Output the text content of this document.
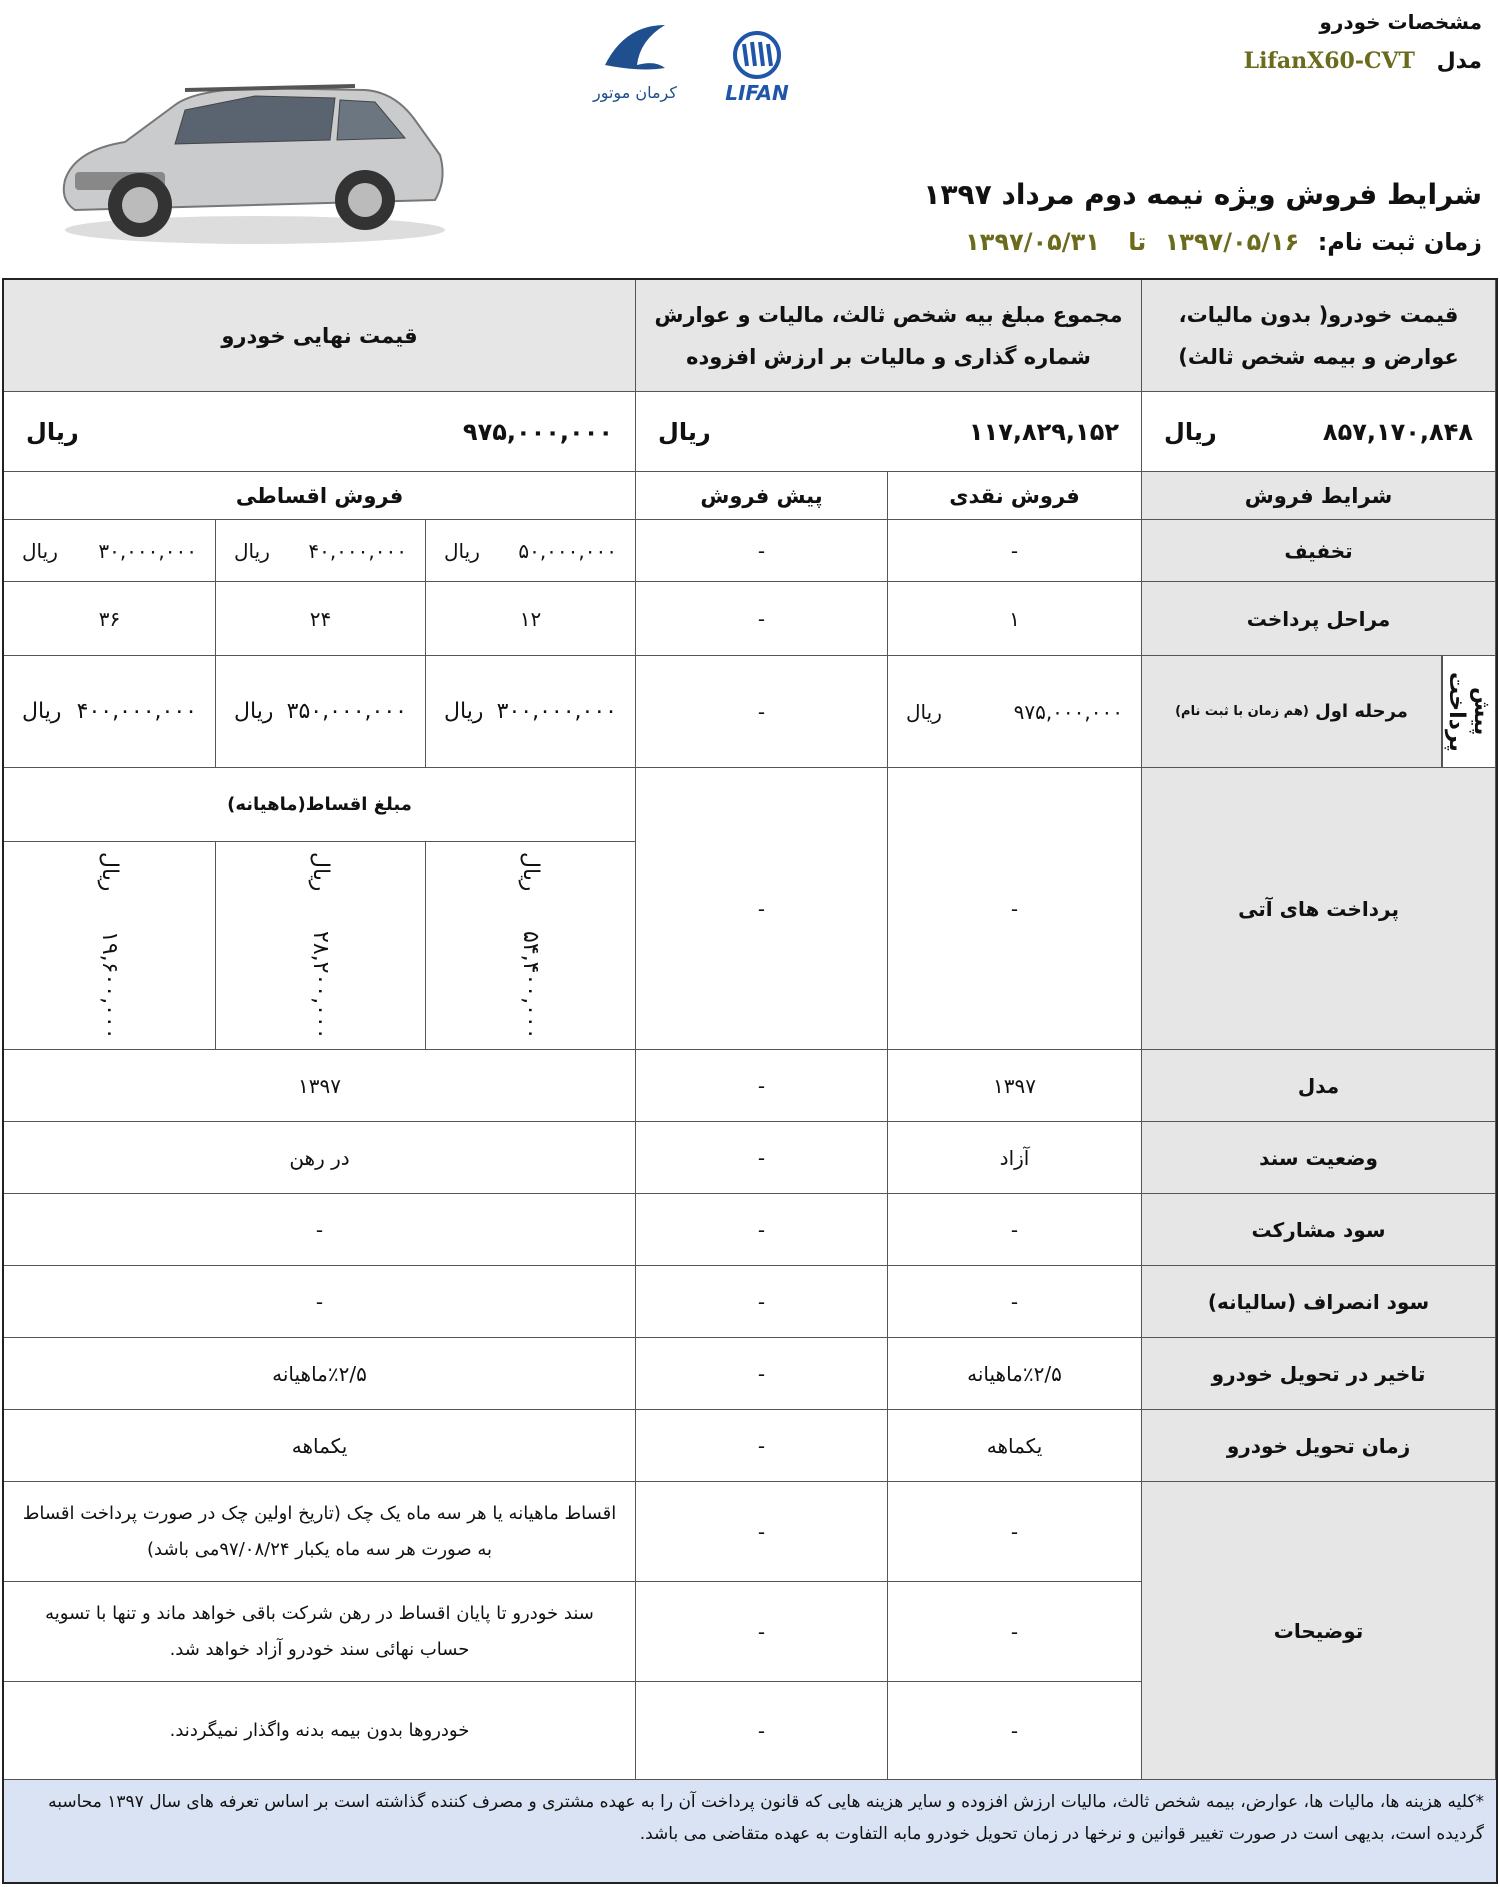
مشخصات خودرو
مدل LifanX60-CVT
کرمان موتور LIFAN
شرایط فروش ویژه نیمه دوم مرداد ۱۳۹۷
زمان ثبت نام: ۱۳۹۷/۰۵/۱۶ تا ۱۳۹۷/۰۵/۳۱
قیمت خودرو( بدون مالیات، عوارض و بیمه شخص ثالث)
مجموع مبلغ بیه شخص ثالث، مالیات و عوارش شماره گذاری و مالیات بر ارزش افزوده
قیمت نهایی خودرو
۸۵۷,۱۷۰,۸۴۸
ریال
۱۱۷,۸۲۹,۱۵۲
ریال
۹۷۵,۰۰۰,۰۰۰
ریال
شرایط فروش
فروش نقدی
پیش فروش
فروش اقساطی
تخفیف
-
-
۵۰,۰۰۰,۰۰۰
ریال
۴۰,۰۰۰,۰۰۰
ریال
۳۰,۰۰۰,۰۰۰
ریال
مراحل پرداخت
۱
-
۱۲
۲۴
۳۶
پیش پرداخت
مرحله اول

(هم زمان با ثبت نام)
۹۷۵,۰۰۰,۰۰۰
ریال
-
۳۰۰,۰۰۰,۰۰۰
ریال
۳۵۰,۰۰۰,۰۰۰
ریال
۴۰۰,۰۰۰,۰۰۰
ریال
پرداخت های آتی
-
-
مبلغ اقساط(ماهیانه)
ریال
۵۴,۴۰۰,۰۰۰
ریال
۲۸,۲۰۰,۰۰۰
ریال
۱۹,۶۰۰,۰۰۰
مدل
۱۳۹۷
-
۱۳۹۷
وضعیت سند
آزاد
-
در رهن
سود مشارکت
-
-
-
سود انصراف (سالیانه)
-
-
-
تاخیر در تحویل خودرو
٪۲/۵ماهیانه
-
٪۲/۵ماهیانه
زمان تحویل خودرو
یکماهه
-
یکماهه
توضیحات
-
-
اقساط ماهیانه یا هر سه ماه یک چک (تاریخ اولین چک در صورت پرداخت اقساط به صورت هر سه ماه یکبار ۹۷/۰۸/۲۴می باشد)
-
-
سند خودرو تا پایان اقساط در رهن شرکت باقی خواهد ماند و تنها با تسویه حساب نهائی سند خودرو آزاد خواهد شد.
-
-
خودروها بدون بیمه بدنه واگذار نمیگردند.
*کلیه هزینه ها، مالیات ها، عوارض، بیمه شخص ثالث، مالیات ارزش افزوده و سایر هزینه هایی که قانون پرداخت آن را به عهده مشتری و مصرف کننده گذاشته است بر اساس تعرفه های سال ۱۳۹۷ محاسبه گردیده است، بدیهی است در صورت تغییر قوانین و نرخها در زمان تحویل خودرو مابه التفاوت به عهده متقاضی می باشد.
